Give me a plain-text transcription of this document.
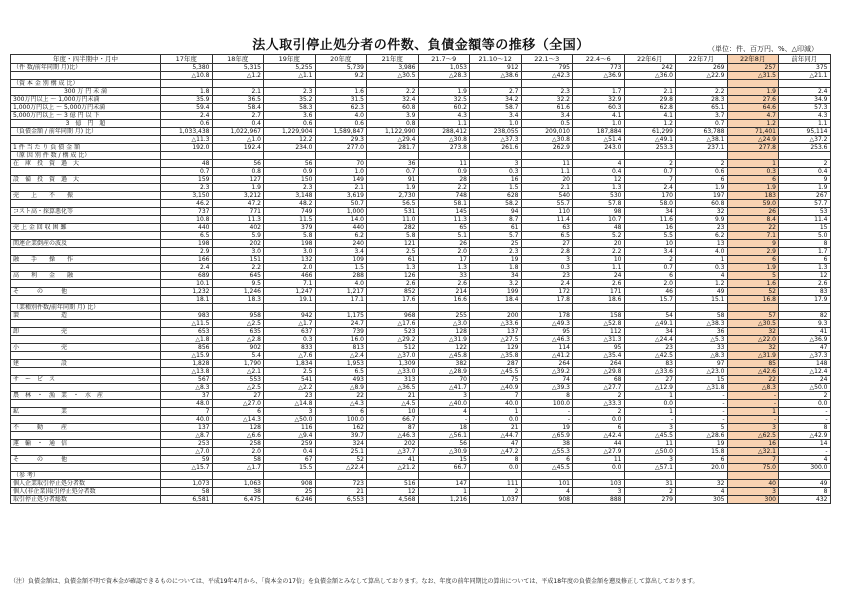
法人取引停止処分者の件数、負債金額等の推移（全国）	（単位：件、百万円、%、△印減）
年度・四半期中・月中	17年度	18年度	19年度	20年度	21年度	21.7～9	21.10～12	22.1～3	22.4～6	22年6月	22年7月	22年8月	前年同月
（件 数/前年同期 月)比）	5,380	5,315	5,255	5,739	3,986	1,053	912	795	773	242	269	257	375
	△10.8	△1.2	△1.1	9.2	△30.5	△28.3	△38.6	△42.3	△36.9	△36.0	△22.9	△31.5	△21.1
（資 本 金 別 構 成 比）													
300 万 円 未 満	1.8	2.1	2.3	1.6	2.2	1.9	2.7	2.3	1.7	2.1	2.2	1.9	2.4
300万円以上 ～ 1,000万円未満	35.9	36.5	35.2	31.5	32.4	32.5	34.2	32.2	32.9	29.8	28.3	27.6	34.9
1,000万円以上 ～ 5,000万円未満	59.4	58.4	58.3	62.3	60.8	60.2	58.7	61.6	60.3	62.8	65.1	64.6	57.3
5,000万円以上 ～ 3 億 円 以 下	2.4	2.7	3.6	4.0	3.9	4.3	3.4	3.4	4.1	4.1	3.7	4.7	4.3
3　億　円　超	0.6	0.4	0.6	0.6	0.8	1.1	1.0	0.5	1.0	1.2	0.7	1.2	1.1
（負債金額 / 前年同期 月) 比）	1,033,438	1,022,967	1,229,904	1,589,847	1,122,990	288,412	238,055	209,010	187,884	61,299	63,788	71,401	95,114
	△11.3	△1.0	12.2	29.3	△29.4	△30.8	△37.3	△30.8	△51.4	△49.1	△38.1	△24.9	△37.2
1 件 当 た り 負 債 金 額	192.0	192.4	234.0	277.0	281.7	273.8	261.6	262.9	243.0	253.3	237.1	277.8	253.6
（原 因 別 件 数 / 構 成 比）													
在　庫　投　資　過　大	48	56	56	70	36	11	3	11	4	2	2	1	2
	0.7	0.8	0.9	1.0	0.7	0.9	0.3	1.1	0.4	0.7	0.6	0.3	0.4
設　備　投　資　過　大	159	127	150	149	91	28	16	20	12	7	6	6	9
	2.3	1.9	2.3	2.1	1.9	2.2	1.5	2.1	1.3	2.4	1.9	1.9	1.9
売　　上　　不　　振	3,150	3,212	3,148	3,619	2,730	748	628	540	530	170	197	183	267
	46.2	47.2	48.2	50.7	56.5	58.1	58.2	55.7	57.8	58.0	60.8	59.0	57.7
コスト高・採算悪化等	737	771	749	1,000	531	145	94	110	98	34	32	26	53
	10.8	11.3	11.5	14.0	11.0	11.3	8.7	11.4	10.7	11.6	9.9	8.4	11.4
売 上 金 回 収 困 難	440	402	379	440	282	65	61	63	48	16	23	22	15
	6.5	5.9	5.8	6.2	5.8	5.1	5.7	6.5	5.2	5.5	6.2	7.1	5.0
関連企業倒産の波及	198	202	198	240	121	26	25	27	20	10	13	9	8
	2.9	3.0	3.0	3.4	2.5	2.0	2.3	2.8	2.2	3.4	4.0	2.9	1.7
融　　手　　操　　作	166	151	132	109	61	17	19	3	10	2	1	6	6
	2.4	2.2	2.0	1.5	1.3	1.3	1.8	0.3	1.1	0.7	0.3	1.9	1.3
高　　利　　金　　融	689	645	466	288	126	33	34	23	24	6	4	5	12
	10.1	9.5	7.1	4.0	2.6	2.6	3.2	2.4	2.6	2.0	1.2	1.6	2.6
そ　　　の　　　他	1,232	1,246	1,247	1,217	852	214	199	172	171	46	49	52	83
	18.1	18.3	19.1	17.1	17.6	16.6	18.4	17.8	18.6	15.7	15.1	16.8	17.9
（業種別件数/前年同期 月) 比）													
製　　　　　　　造	983	958	942	1,175	968	255	200	178	158	54	58	57	82
	△11.5	△2.5	△1.7	24.7	△17.6	△3.0	△33.6	△49.3	△52.8	△49.1	△38.3	△30.5	9.3
卸　　　　　　　売	653	635	637	739	523	128	137	95	112	34	36	32	41
	△1.8	△2.8	0.3	16.0	△29.2	△31.9	△27.5	△46.3	△31.3	△24.4	△5.3	△22.0	△36.9
小　　　　　　　売	856	902	833	813	512	122	129	114	95	23	33	32	47
	△15.9	5.4	△7.6	△2.4	△37.0	△45.8	△35.8	△41.2	△35.4	△42.5	△8.3	△31.9	△37.3
建　　　　　　　設	1,828	1,790	1,834	1,953	1,309	382	287	264	264	83	97	85	148
	△13.8	△2.1	2.5	6.5	△33.0	△28.9	△45.5	△39.2	△29.8	△33.6	△23.0	△42.6	△12.4
サ　ー　ビ　ス	567	553	541	493	313	70	75	74	68	27	15	22	24
	△8.3	△2.5	△2.2	△8.9	△36.5	△41.7	△40.9	△39.3	△27.7	△12.9	△31.8	△8.3	△50.0
農　林　・　漁　業　・　水　産	37	27	23	22	21	3	7	8	2	1	-	-	2
	48.0	△27.0	△14.8	△4.3	△4.5	△40.0	40.0	100.0	△33.3	0.0	-	-	0.0
鉱　　　　　　　業	7	6	3	6	10	4	1	-	2	1	-	1	-
	40.0	△14.3	△50.0	100.0	66.7	-	0.0	-	0.0	-	-	-	-
不　　　動　　　産	137	128	116	162	87	18	21	19	6	3	5	3	8
	△8.7	△6.6	△9.4	39.7	△46.3	△56.1	△44.7	△65.9	△42.4	△45.5	△28.6	△62.5	△42.9
運　輸　・　通　信	253	258	259	324	202	56	47	38	44	11	19	16	14
	△7.0	2.0	0.4	25.1	△37.7	△30.9	△47.2	△55.3	△27.9	△50.0	15.8	△32.1	-
そ　　　の　　　他	59	58	67	52	41	15	8	6	11	3	6	7	4
	△15.7	△1.7	15.5	△22.4	△21.2	66.7	0.0	△45.5	0.0	△57.1	20.0	75.0	300.0
（参 考）													
個人企業取引停止処分者数	1,073	1,063	908	723	516	147	111	101	103	31	32	40	49
個人(非企業)取引停止処分者数	58	38	25	21	12	1	2	4	3	2	4	3	8
取引停止処分者総数	6,581	6,475	6,246	6,553	4,568	1,216	1,037	908	888	279	305	300	432
（注）負債金額は、負債金額不明で資本金が確認できるものについては、平成19年4月から、「資本金の17倍」を負債金額とみなして算出しております。なお、年度の前年同期比の算出については、平成18年度の負債金額を遡及修正して算出しております。
